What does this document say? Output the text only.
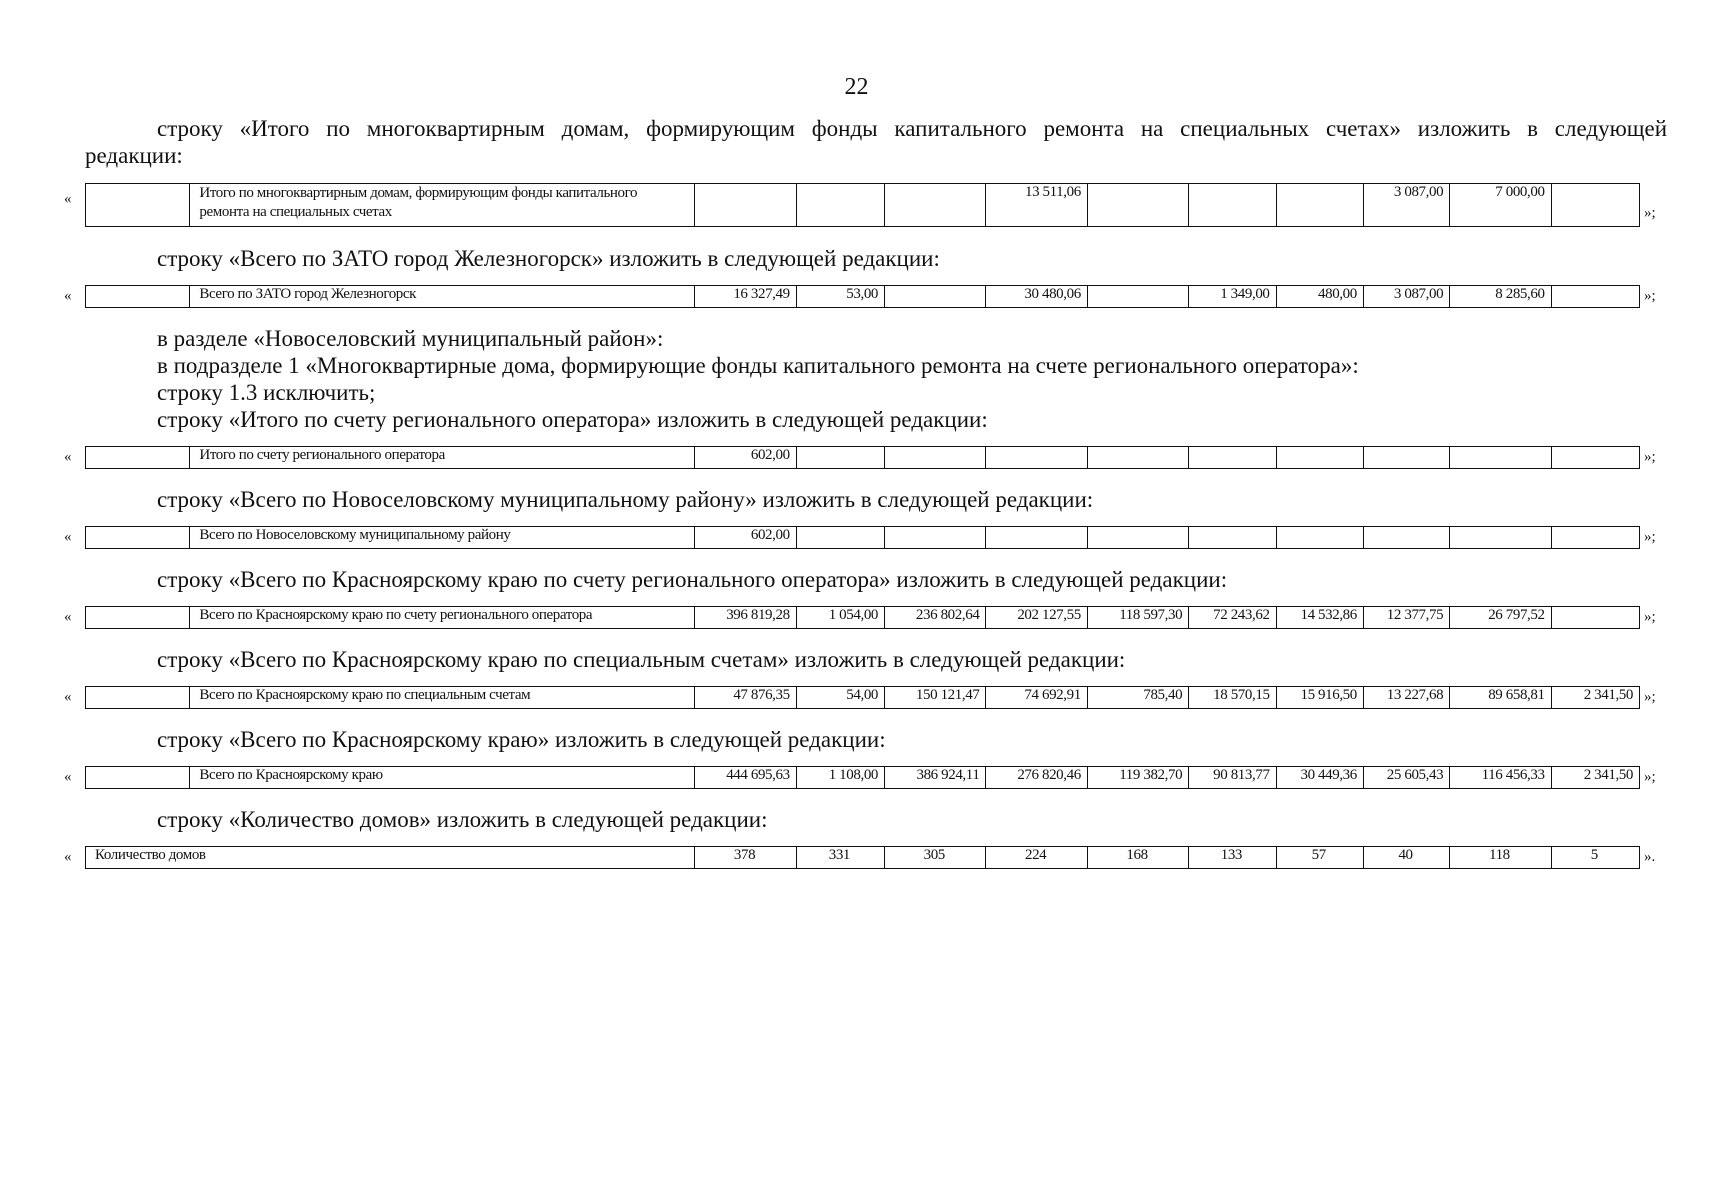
22
строку «Итого по многоквартирным домам, формирующим фонды капитального ремонта на специальных счетах» изложить в следующей
редакции:
«
		Итого по многоквартирным домам, формирующим фонды капитального ремонта на специальных счетах				13 511,06				3 087,00	7 000,00	
»;
строку «Всего по ЗАТО город Железногорск» изложить в следующей редакции:
«
		Всего по ЗАТО город Железногорск	16 327,49	53,00		30 480,06		1 349,00	480,00	3 087,00	8 285,60		»;
в разделе «Новоселовский муниципальный район»:
в подразделе 1 «Многоквартирные дома, формирующие фонды капитального ремонта на счете регионального оператора»:
строку 1.3 исключить;
строку «Итого по счету регионального оператора» изложить в следующей редакции:
«
		Итого по счету регионального оператора	602,00										»;
строку «Всего по Новоселовскому муниципальному району» изложить в следующей редакции:
«
		Всего по Новоселовскому муниципальному району	602,00										»;
строку «Всего по Красноярскому краю по счету регионального оператора» изложить в следующей редакции:
«
		Всего по Красноярскому краю по счету регионального оператора	396 819,28	1 054,00	236 802,64	202 127,55	118 597,30	72 243,62	14 532,86	12 377,75	26 797,52		»;
строку «Всего по Красноярскому краю по специальным счетам» изложить в следующей редакции:
«
		Всего по Красноярскому краю по специальным счетам	47 876,35	54,00	150 121,47	74 692,91	785,40	18 570,15	15 916,50	13 227,68	89 658,81	2 341,50 »;
строку «Всего по Красноярскому краю» изложить в следующей редакции:
«
		Всего по Красноярскому краю	444 695,63	1 108,00	386 924,11	276 820,46	119 382,70	90 813,77	30 449,36	25 605,43	116 456,33	2 341,50 »;
строку «Количество домов» изложить в следующей редакции:
« Количество домов	378	331	305	224	168	133	57	40	118	5	».
